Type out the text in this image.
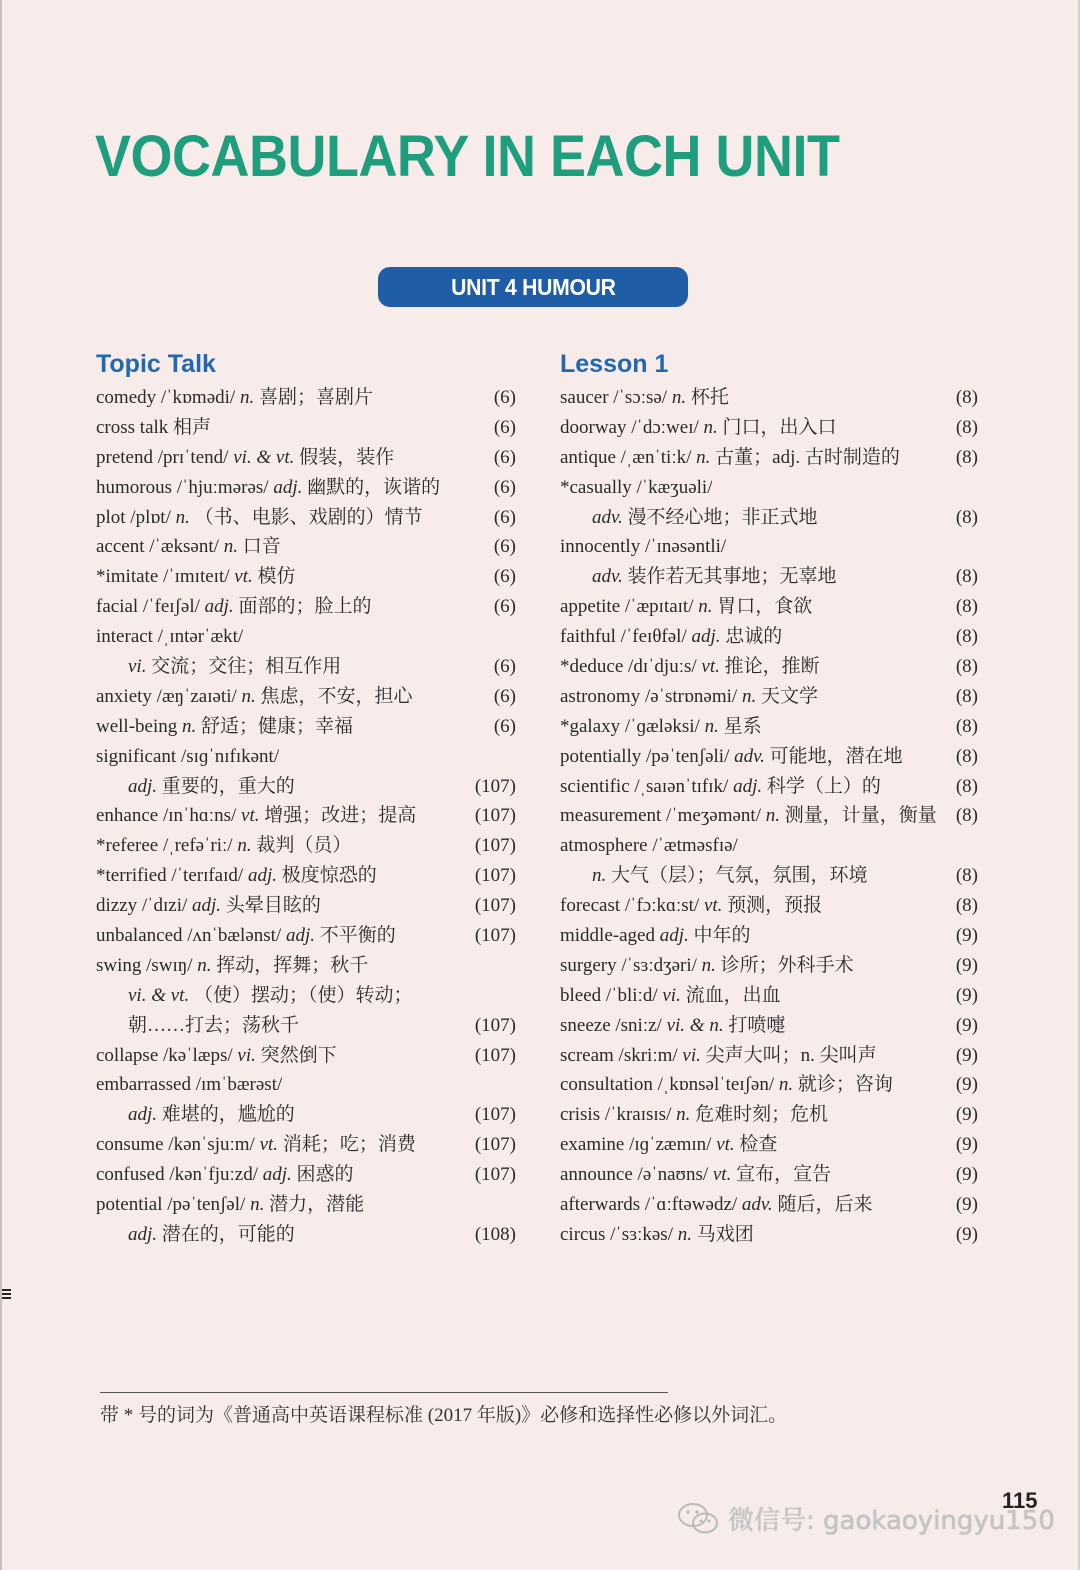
VOCABULARY IN EACH UNIT
UNIT 4 HUMOUR
Topic Talk
comedy /ˈkɒmədi/ n. 喜剧；喜剧片	(6)
cross talk 相声	(6)
pretend /prɪˈtend/ vi. & vt. 假装，装作	(6)
humorous /ˈhjuːmərəs/ adj. 幽默的，诙谐的	(6)
plot /plɒt/ n. （书、电影、戏剧的）情节	(6)
accent /ˈæksənt/ n. 口音	(6)
*imitate /ˈɪmɪteɪt/ vt. 模仿	(6)
facial /ˈfeɪʃəl/ adj. 面部的；脸上的	(6)
interact /ˌɪntərˈækt/
vi. 交流；交往；相互作用	(6)
anxiety /æŋˈzaɪəti/ n. 焦虑，不安，担心	(6)
well-being n. 舒适；健康；幸福	(6)
significant /sɪɡˈnɪfɪkənt/
adj. 重要的，重大的	(107)
enhance /ɪnˈhɑːns/ vt. 增强；改进；提高	(107)
*referee /ˌrefəˈriː/ n. 裁判（员）	(107)
*terrified /ˈterɪfaɪd/ adj. 极度惊恐的	(107)
dizzy /ˈdɪzi/ adj. 头晕目眩的	(107)
unbalanced /ʌnˈbælənst/ adj. 不平衡的	(107)
swing /swɪŋ/ n. 挥动，挥舞；秋千
vi. & vt. （使）摆动；（使）转动；
朝……打去；荡秋千	(107)
collapse /kəˈlæps/ vi. 突然倒下	(107)
embarrassed /ɪmˈbærəst/
adj. 难堪的，尴尬的	(107)
consume /kənˈsjuːm/ vt. 消耗；吃；消费	(107)
confused /kənˈfjuːzd/ adj. 困惑的	(107)
potential /pəˈtenʃəl/ n. 潜力，潜能
adj. 潜在的，可能的	(108)
Lesson 1
saucer /ˈsɔːsə/ n. 杯托	(8)
doorway /ˈdɔːweɪ/ n. 门口，出入口	(8)
antique /ˌænˈtiːk/ n. 古董；adj. 古时制造的	(8)
*casually /ˈkæʒuəli/
adv. 漫不经心地；非正式地	(8)
innocently /ˈɪnəsəntli/
adv. 装作若无其事地；无辜地	(8)
appetite /ˈæpɪtaɪt/ n. 胃口，食欲	(8)
faithful /ˈfeɪθfəl/ adj. 忠诚的	(8)
*deduce /dɪˈdjuːs/ vt. 推论，推断	(8)
astronomy /əˈstrɒnəmi/ n. 天文学	(8)
*galaxy /ˈɡæləksi/ n. 星系	(8)
potentially /pəˈtenʃəli/ adv. 可能地，潜在地	(8)
scientific /ˌsaɪənˈtɪfɪk/ adj. 科学（上）的	(8)
measurement /ˈmeʒəmənt/ n. 测量，计量，衡量	(8)
atmosphere /ˈætməsfɪə/
n. 大气（层）；气氛，氛围，环境	(8)
forecast /ˈfɔːkɑːst/ vt. 预测，预报	(8)
middle-aged adj. 中年的	(9)
surgery /ˈsɜːdʒəri/ n. 诊所；外科手术	(9)
bleed /ˈbliːd/ vi. 流血，出血	(9)
sneeze /sniːz/ vi. & n. 打喷嚏	(9)
scream /skriːm/ vi. 尖声大叫；n. 尖叫声	(9)
consultation /ˌkɒnsəlˈteɪʃən/ n. 就诊；咨询	(9)
crisis /ˈkraɪsɪs/ n. 危难时刻；危机	(9)
examine /ɪɡˈzæmɪn/ vt. 检查	(9)
announce /əˈnaʊns/ vt. 宣布，宣告	(9)
afterwards /ˈɑːftəwədz/ adv. 随后，后来	(9)
circus /ˈsɜːkəs/ n. 马戏团	(9)
带 * 号的词为《普通高中英语课程标准 (2017 年版)》必修和选择性必修以外词汇。
微信号: gaokaoyingyu150
115
